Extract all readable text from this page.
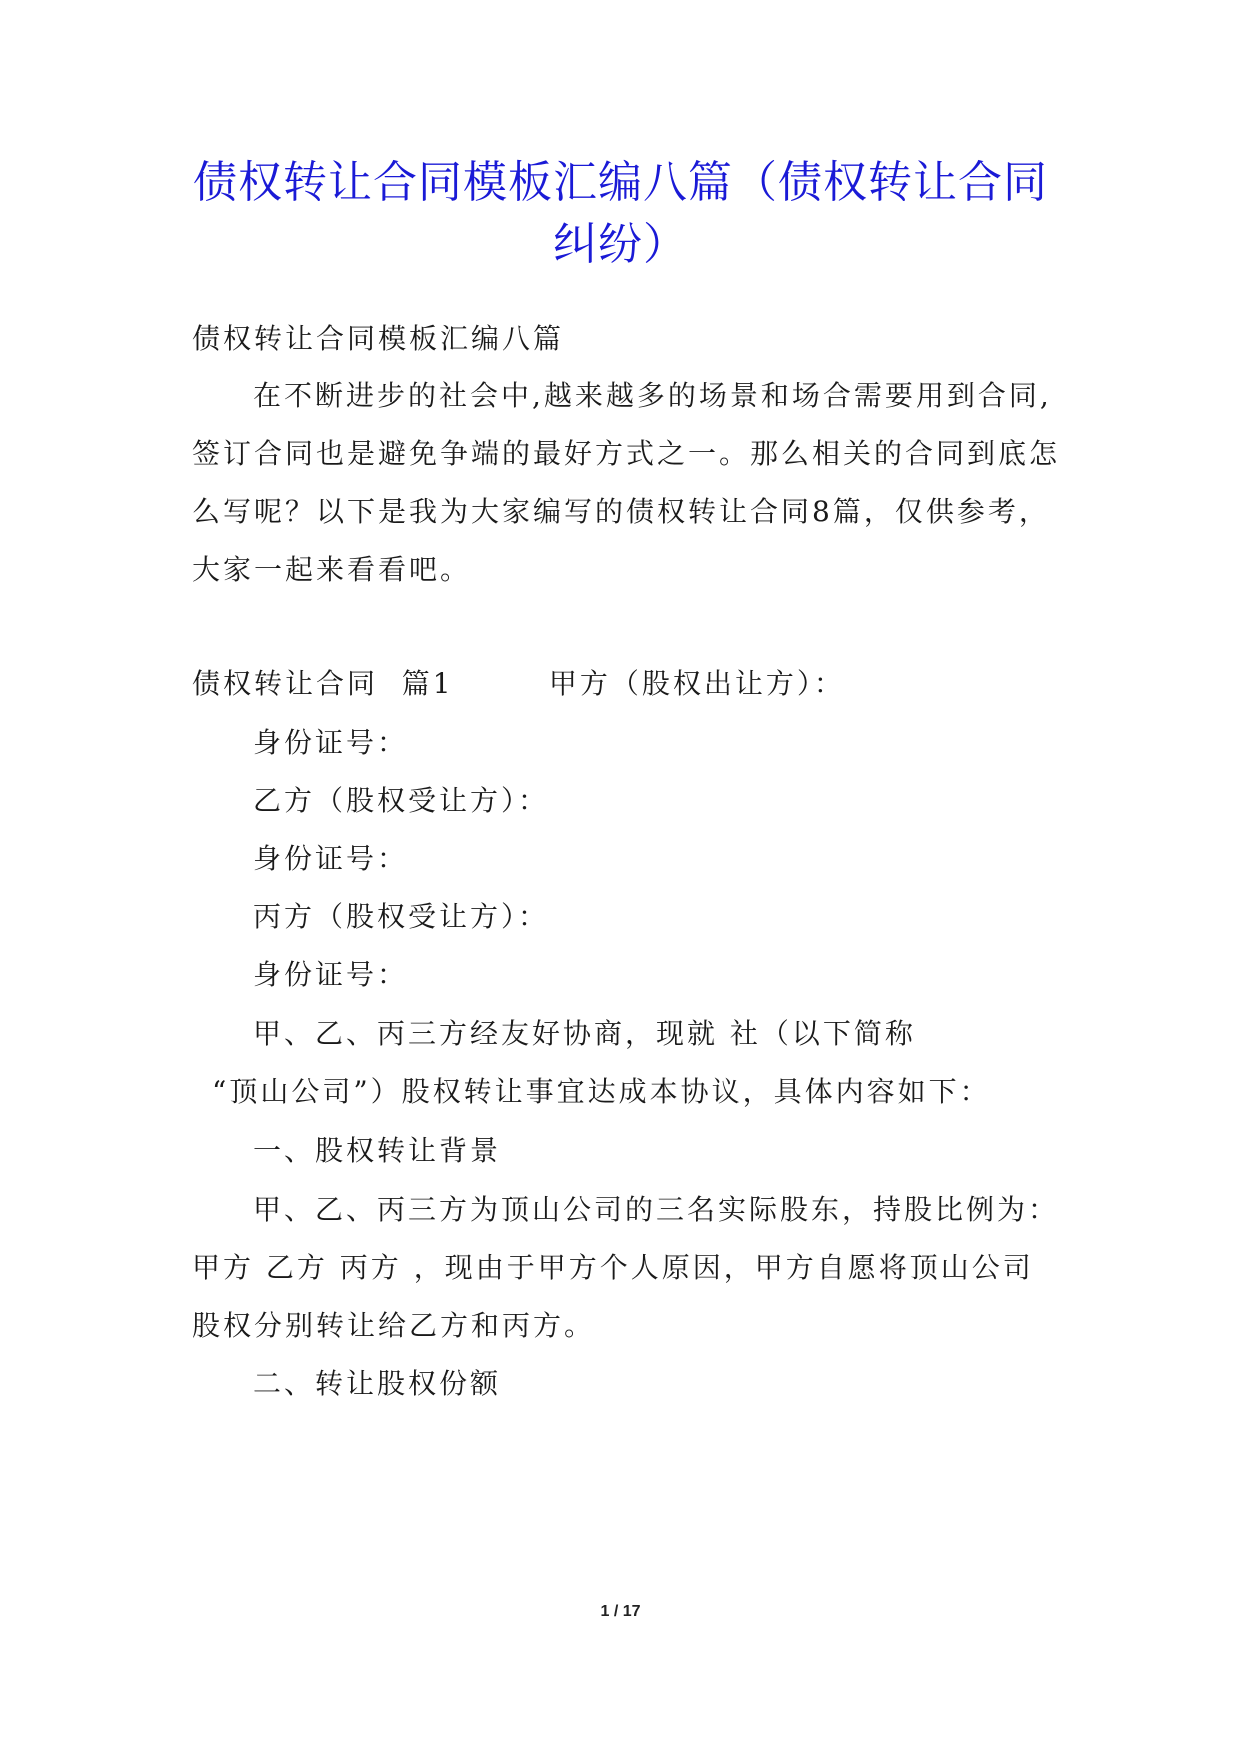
债权转让合同模板汇编八篇（债权转让合同
纠纷）

债权转让合同模板汇编八篇

在不断进步的社会中,越来越多的场景和场合需要用到合同,

签订合同也是避免争端的最好方式之一。那么相关的合同到底怎

么写呢？以下是我为大家编写的债权转让合同8篇，仅供参考，

大家一起来看看吧。

债权转让合同  篇1        甲方（股权出让方）：

身份证号：

乙方（股权受让方）：

身份证号：

丙方（股权受让方）：

身份证号：

甲、乙、丙三方经友好协商，现就 社（以下简称

“顶山公司”）股权转让事宜达成本协议，具体内容如下：

一、股权转让背景

甲、乙、丙三方为顶山公司的三名实际股东，持股比例为：

甲方 乙方 丙方 ，现由于甲方个人原因，甲方自愿将顶山公司

股权分别转让给乙方和丙方。

二、转让股权份额

1 / 17
